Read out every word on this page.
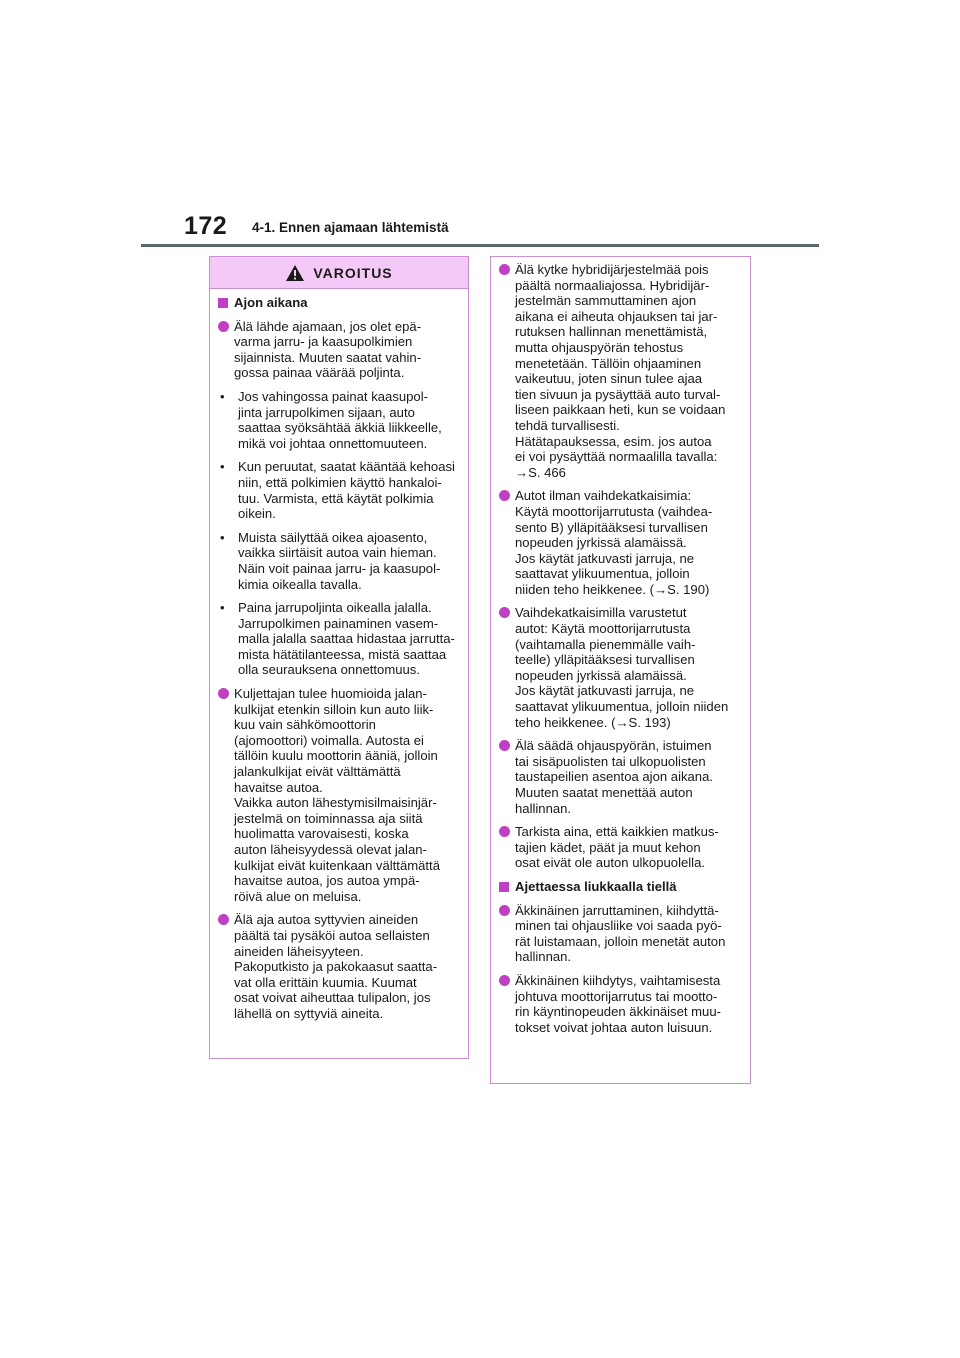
172 4-1. Ennen ajamaan lähtemistä
VAROITUS
Ajon aikana
Älä lähde ajamaan, jos olet epä-
varma jarru- ja kaasupolkimien
sijainnista. Muuten saatat vahin-
gossa painaa väärää poljinta.
•	Jos vahingossa painat kaasupol-
jinta jarrupolkimen sijaan, auto
saattaa syöksähtää äkkiä liikkeelle,
mikä voi johtaa onnettomuuteen.
•	Kun peruutat, saatat kääntää kehoasi
niin, että polkimien käyttö hankaloi-
tuu. Varmista, että käytät polkimia
oikein.
•	Muista säilyttää oikea ajoasento,
vaikka siirtäisit autoa vain hieman.
Näin voit painaa jarru- ja kaasupol-
kimia oikealla tavalla.
•	Paina jarrupoljinta oikealla jalalla.
Jarrupolkimen painaminen vasem-
malla jalalla saattaa hidastaa jarrutta-
mista hätätilanteessa, mistä saattaa
olla seurauksena onnettomuus.
Kuljettajan tulee huomioida jalan-
kulkijat etenkin silloin kun auto liik-
kuu vain sähkömoottorin
(ajomoottori) voimalla. Autosta ei
tällöin kuulu moottorin ääniä, jolloin
jalankulkijat eivät välttämättä
havaitse autoa.
Vaikka auton lähestymisilmaisinjär-
jestelmä on toiminnassa aja siitä
huolimatta varovaisesti, koska
auton läheisyydessä olevat jalan-
kulkijat eivät kuitenkaan välttämättä
havaitse autoa, jos autoa ympä-
röivä alue on meluisa.
Älä aja autoa syttyvien aineiden
päältä tai pysäköi autoa sellaisten
aineiden läheisyyteen.
Pakoputkisto ja pakokaasut saatta-
vat olla erittäin kuumia. Kuumat
osat voivat aiheuttaa tulipalon, jos
lähellä on syttyviä aineita.
Älä kytke hybridijärjestelmää pois
päältä normaaliajossa. Hybridijär-
jestelmän sammuttaminen ajon
aikana ei aiheuta ohjauksen tai jar-
rutuksen hallinnan menettämistä,
mutta ohjauspyörän tehostus
menetetään. Tällöin ohjaaminen
vaikeutuu, joten sinun tulee ajaa
tien sivuun ja pysäyttää auto turval-
liseen paikkaan heti, kun se voidaan
tehdä turvallisesti.
Hätätapauksessa, esim. jos autoa
ei voi pysäyttää normaalilla tavalla:
→S. 466
Autot ilman vaihdekatkaisimia:
Käytä moottorijarrutusta (vaihdea-
sento B) ylläpitääksesi turvallisen
nopeuden jyrkissä alamäissä.
Jos käytät jatkuvasti jarruja, ne
saattavat ylikuumentua, jolloin
niiden teho heikkenee. (→S. 190)
Vaihdekatkaisimilla varustetut
autot: Käytä moottorijarrutusta
(vaihtamalla pienemmälle vaih-
teelle) ylläpitääksesi turvallisen
nopeuden jyrkissä alamäissä.
Jos käytät jatkuvasti jarruja, ne
saattavat ylikuumentua, jolloin niiden
teho heikkenee. (→S. 193)
Älä säädä ohjauspyörän, istuimen
tai sisäpuolisten tai ulkopuolisten
taustapeilien asentoa ajon aikana.
Muuten saatat menettää auton
hallinnan.
Tarkista aina, että kaikkien matkus-
tajien kädet, päät ja muut kehon
osat eivät ole auton ulkopuolella.
Ajettaessa liukkaalla tiellä
Äkkinäinen jarruttaminen, kiihdyttä-
minen tai ohjausliike voi saada pyö-
rät luistamaan, jolloin menetät auton
hallinnan.
Äkkinäinen kiihdytys, vaihtamisesta
johtuva moottorijarrutus tai mootto-
rin käyntinopeuden äkkinäiset muu-
tokset voivat johtaa auton luisuun.
